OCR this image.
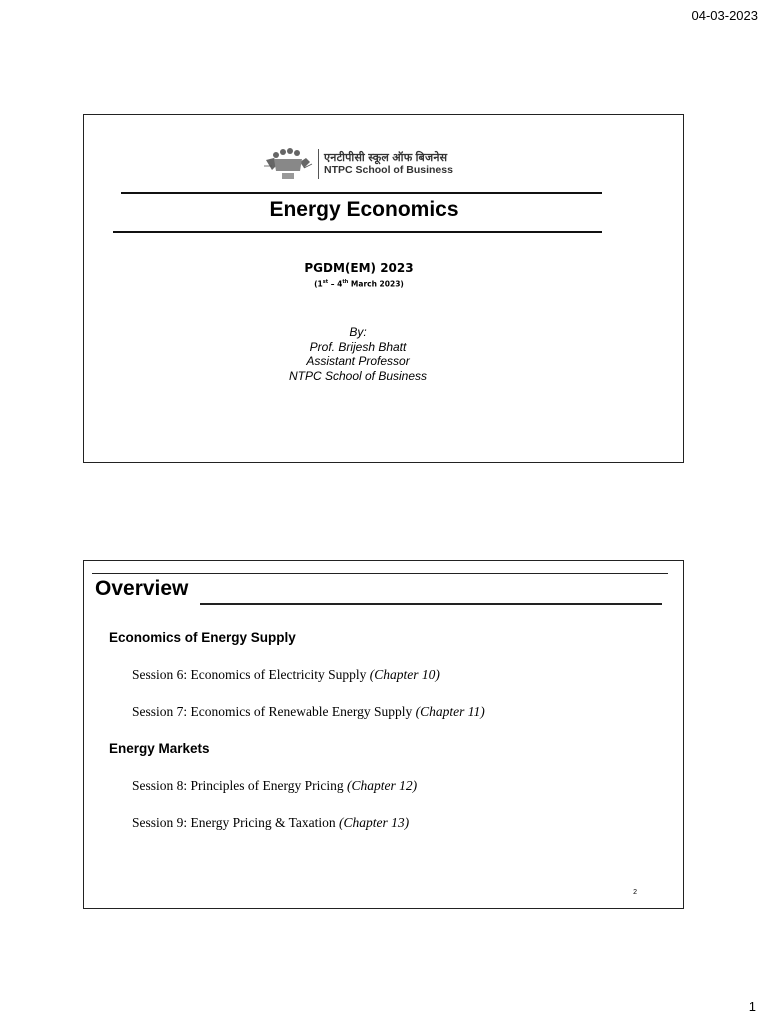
04-03-2023
एनटीपीसी स्कूल ऑफ बिजनेस
NTPC School of Business
Energy Economics
PGDM(EM) 2023
(1st – 4th March 2023)
By:
Prof. Brijesh Bhatt
Assistant Professor
NTPC School of Business
Overview
Economics of Energy Supply
Session 6: Economics of Electricity Supply (Chapter 10)
Session 7: Economics of Renewable Energy Supply (Chapter 11)
Energy Markets
Session 8: Principles of Energy Pricing (Chapter 12)
Session 9: Energy Pricing & Taxation (Chapter 13)
2
1
